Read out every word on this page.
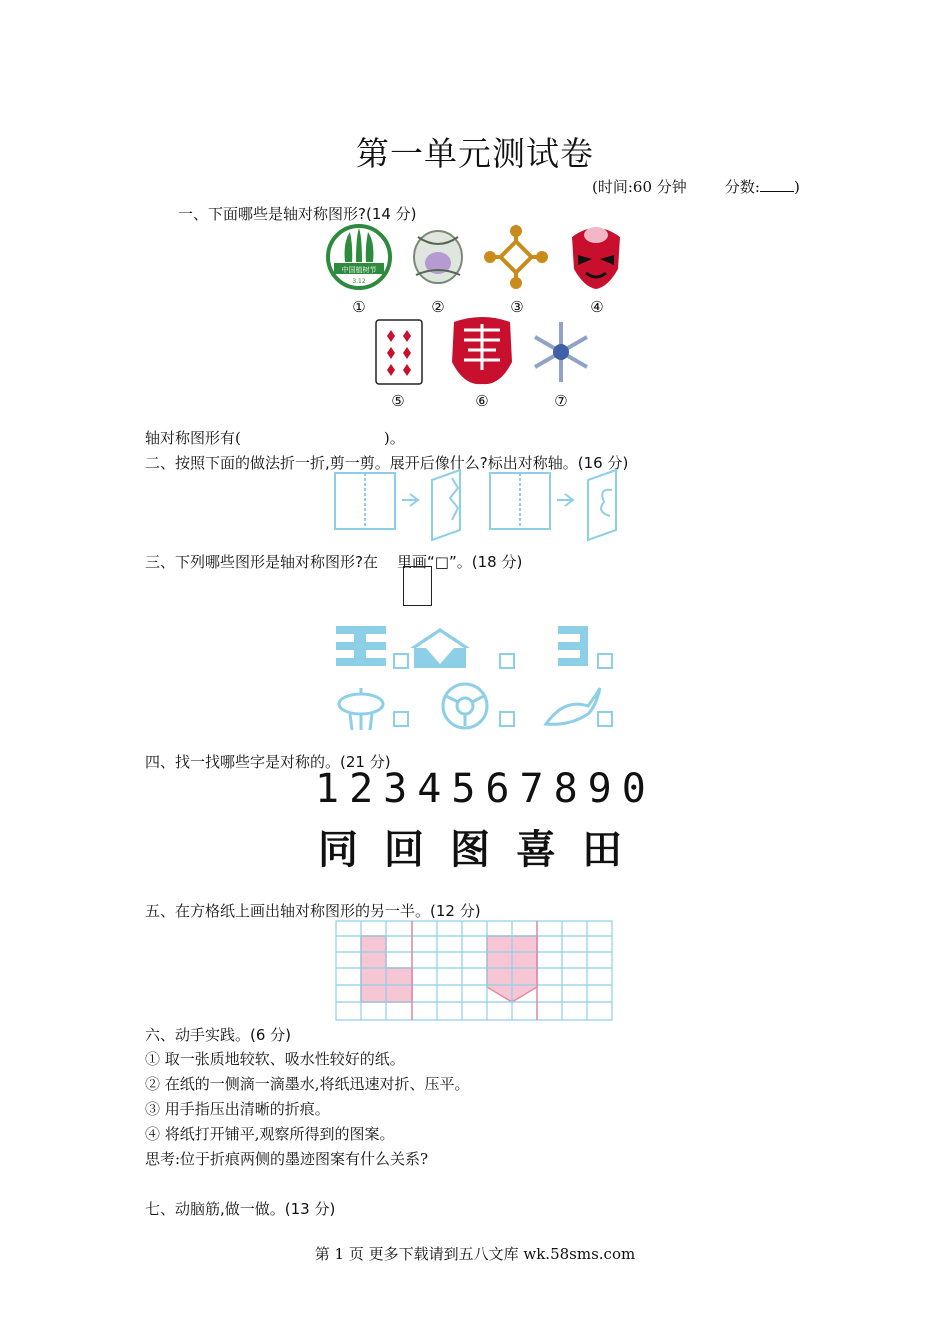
第一单元测试卷
(时间:60 分钟	分数: )
一、下面哪些是轴对称图形?(14 分)
中国植树节
3.12
①	②	③	④
⑤	⑥	⑦
轴对称图形有(                              )。
二、按照下面的做法折一折,剪一剪。展开后像什么?标出对称轴。(16 分)
三、下列哪些图形是轴对称图形?在    里画“□”。(18 分)
四、找一找哪些字是对称的。(21 分)
1234567890
同回图喜田
五、在方格纸上画出轴对称图形的另一半。(12 分)
六、动手实践。(6 分)
① 取一张质地较软、吸水性较好的纸。
② 在纸的一侧滴一滴墨水,将纸迅速对折、压平。
③ 用手指压出清晰的折痕。
④ 将纸打开铺平,观察所得到的图案。
思考:位于折痕两侧的墨迹图案有什么关系?
七、动脑筋,做一做。(13 分)
第 1 页 更多下载请到五八文库 wk.58sms.com
